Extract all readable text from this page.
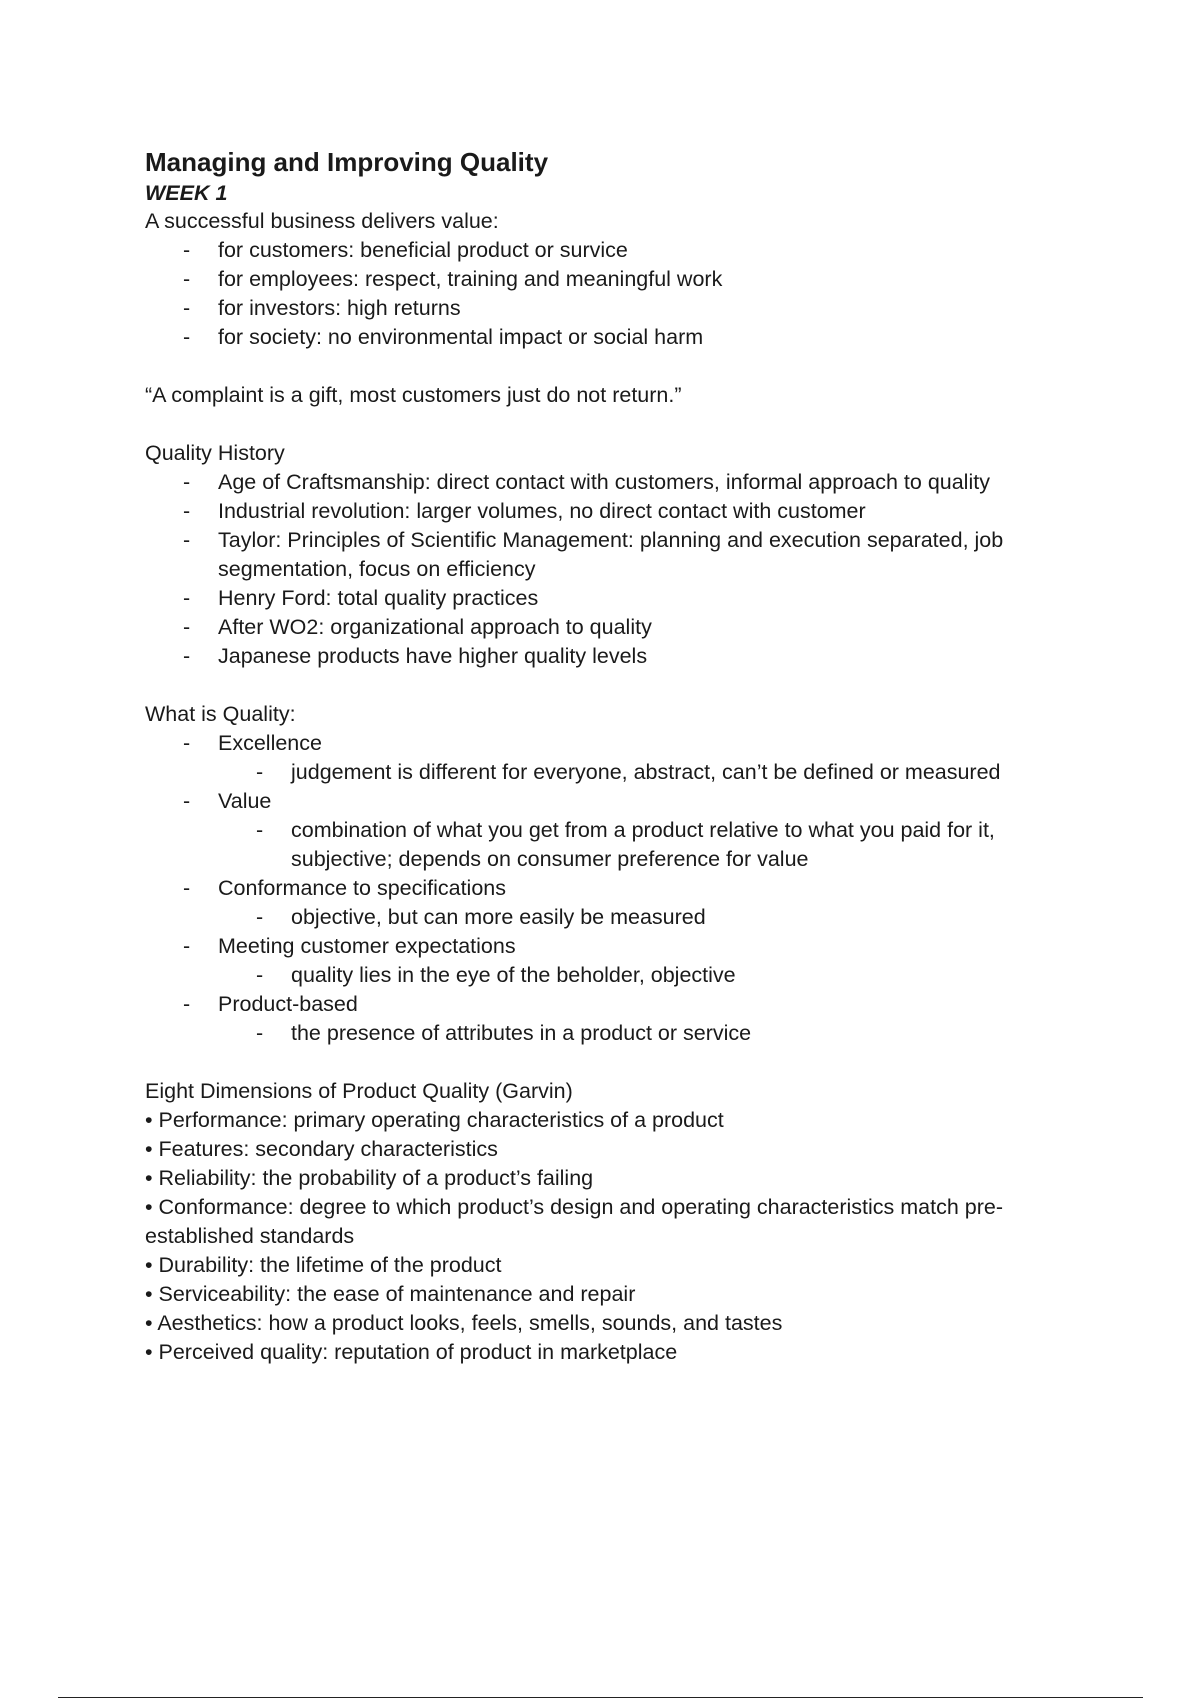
Managing and Improving Quality

WEEK 1

A successful business delivers value:

- for customers: beneficial product or survice
- for employees: respect, training and meaningful work
- for investors: high returns
- for society: no environmental impact or social harm

“A complaint is a gift, most customers just do not return.”

Quality History

- Age of Craftsmanship: direct contact with customers, informal approach to quality
- Industrial revolution: larger volumes, no direct contact with customer
- Taylor: Principles of Scientific Management: planning and execution separated, job segmentation, focus on efficiency
- Henry Ford: total quality practices
- After WO2: organizational approach to quality
- Japanese products have higher quality levels

What is Quality:

- Excellence
- judgement is different for everyone, abstract, can’t be defined or measured
- Value
- combination of what you get from a product relative to what you paid for it, subjective; depends on consumer preference for value
- Conformance to specifications
- objective, but can more easily be measured
- Meeting customer expectations
- quality lies in the eye of the beholder, objective
- Product-based
- the presence of attributes in a product or service

Eight Dimensions of Product Quality (Garvin)

• Performance: primary operating characteristics of a product

• Features: secondary characteristics

• Reliability: the probability of a product’s failing

• Conformance: degree to which product’s design and operating characteristics match pre-established standards

• Durability: the lifetime of the product

• Serviceability: the ease of maintenance and repair

• Aesthetics: how a product looks, feels, smells, sounds, and tastes

• Perceived quality: reputation of product in marketplace
